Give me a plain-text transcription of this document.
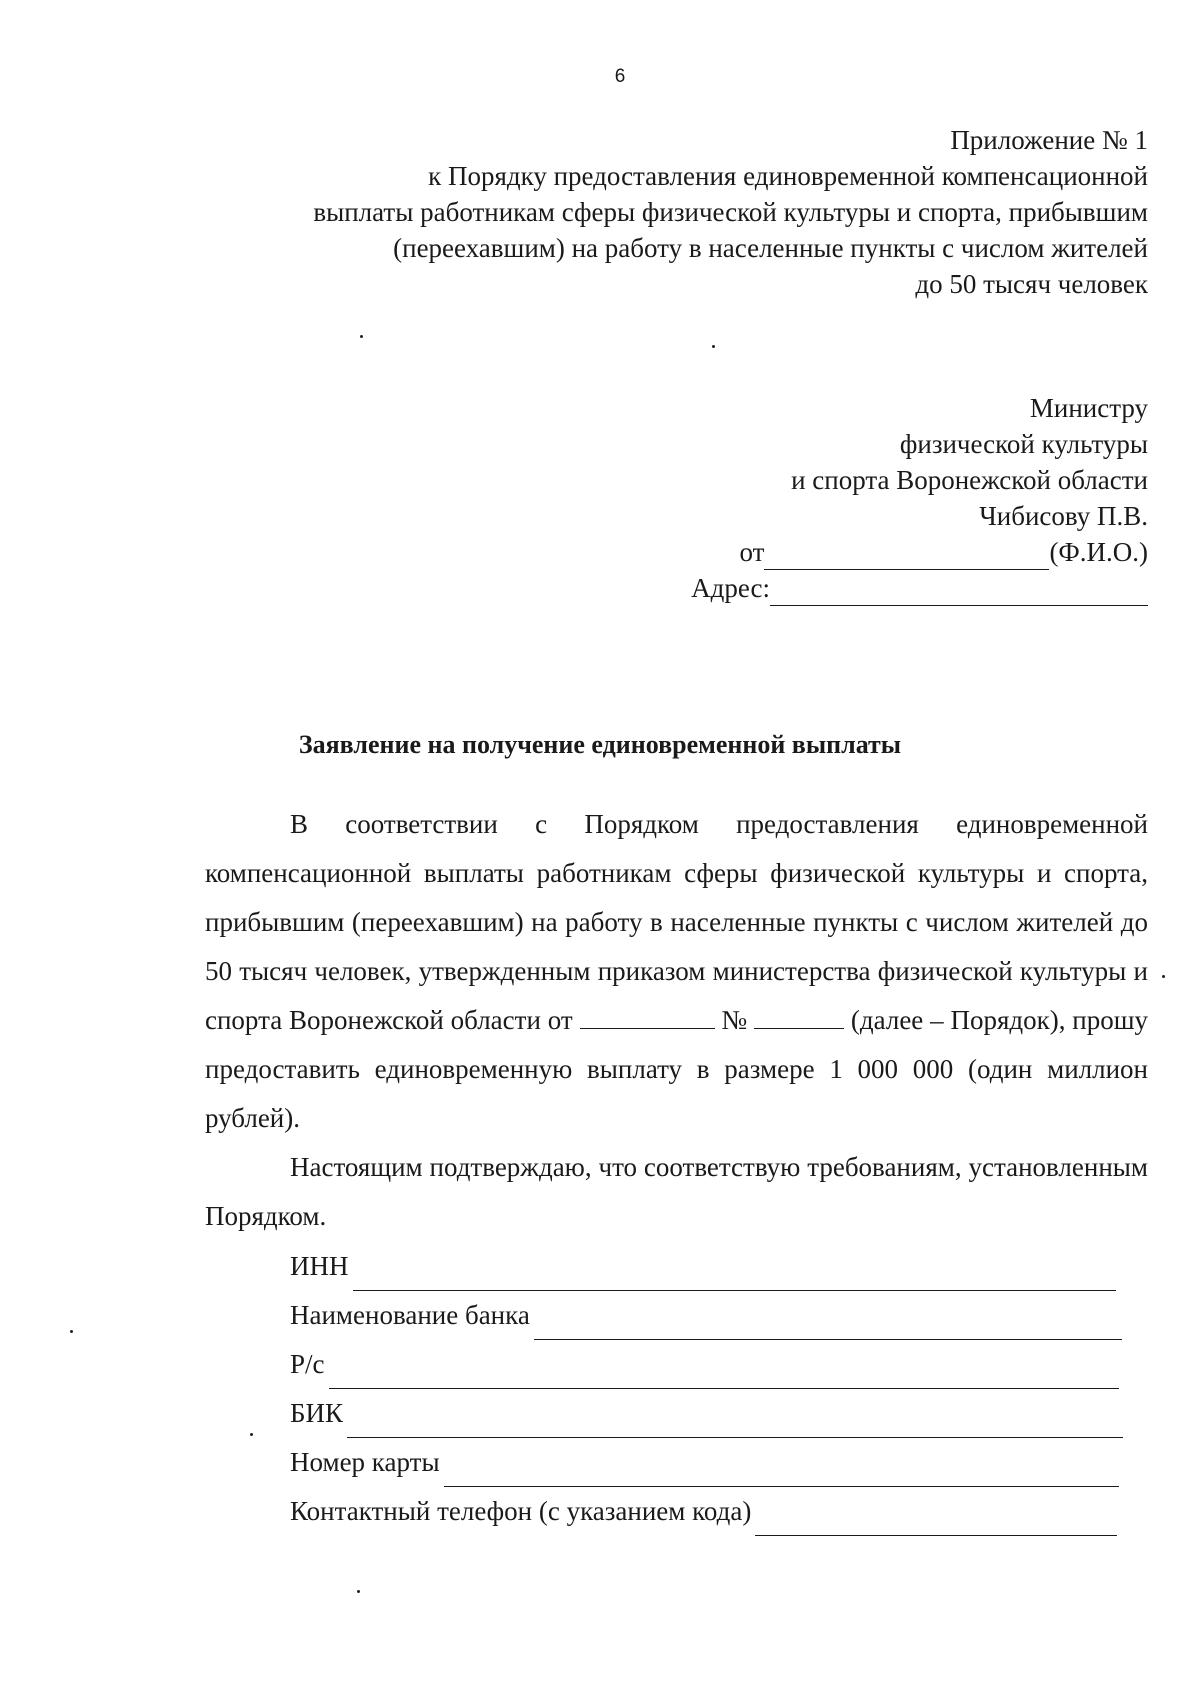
6
Приложение № 1
к Порядку предоставления единовременной компенсационной
выплаты работникам сферы физической культуры и спорта, прибывшим
(переехавшим) на работу в населенные пункты с числом жителей
до 50 тысяч человек
Министру
физической культуры
и спорта Воронежской области
Чибисову П.В.
от	(Ф.И.О.)
Адрес:
Заявление на получение единовременной выплаты

В соответствии с Порядком предоставления единовременной компенсационной выплаты работникам сферы физической культуры и спорта, прибывшим (переехавшим) на работу в населенные пункты с числом жителей до 50 тысяч человек, утвержденным приказом министерства физической культуры и спорта Воронежской области от	№	(далее – Порядок), прошу предоставить единовременную выплату в размере 1 000 000 (один миллион рублей).

Настоящим подтверждаю, что соответствую требованиям, установленным Порядком.

ИНН
Наименование банка
Р/с
БИК
Номер карты
Контактный телефон (с указанием кода)
